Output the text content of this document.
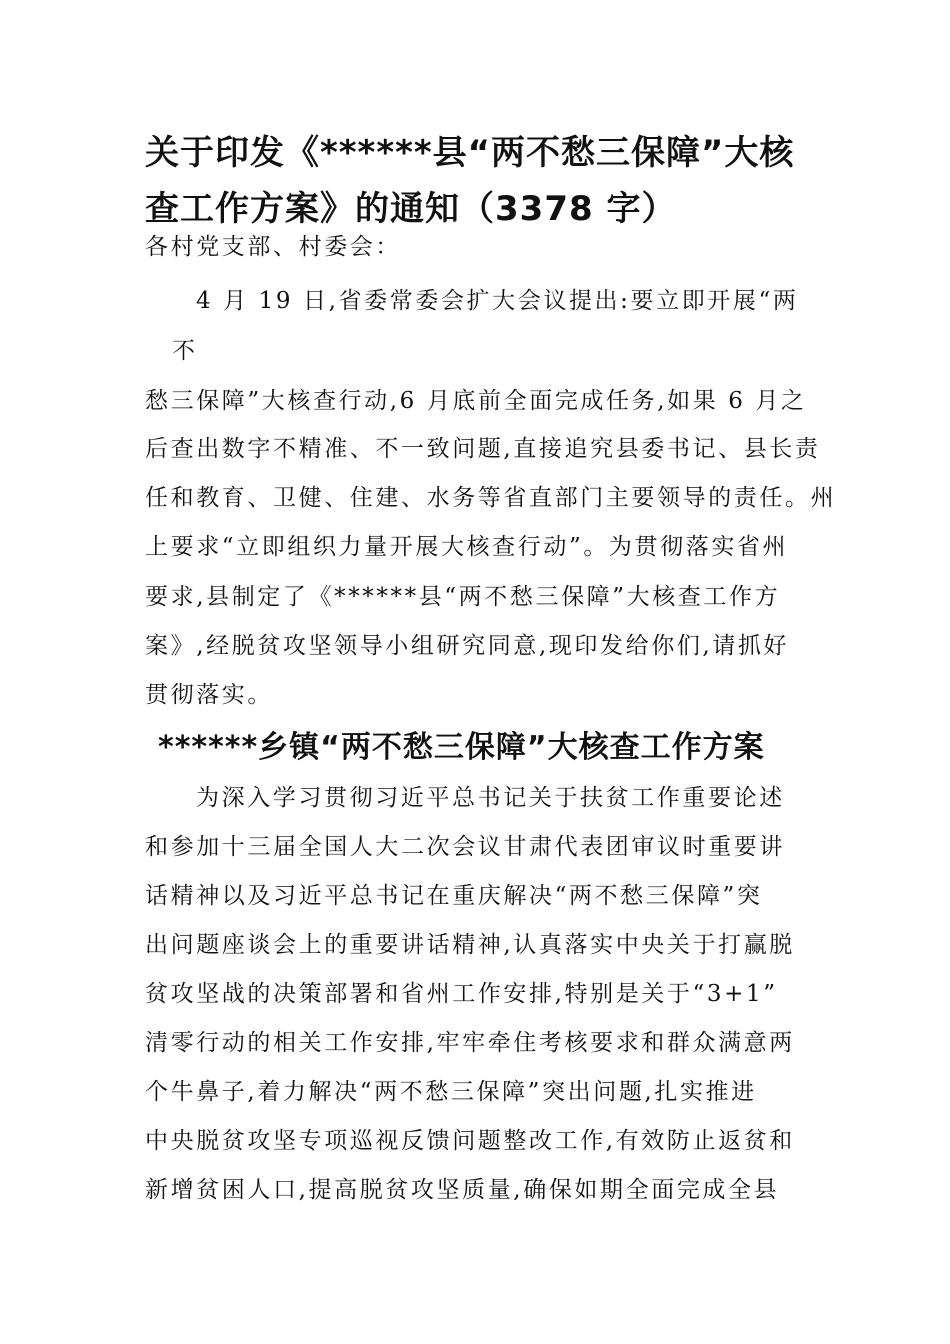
关于印发《******县“两不愁三保障”大核
查工作方案》的通知（3378 字）

各村党支部、村委会：

4 月 19 日,省委常委会扩大会议提出:要立即开展“两

不

愁三保障”大核查行动,6 月底前全面完成任务,如果 6 月之

后查出数字不精准、不一致问题,直接追究县委书记、县长责

任和教育、卫健、住建、水务等省直部门主要领导的责任。州

上要求“立即组织力量开展大核查行动”。为贯彻落实省州

要求,县制定了《******县“两不愁三保障”大核查工作方

案》,经脱贫攻坚领导小组研究同意,现印发给你们,请抓好

贯彻落实。

******乡镇“两不愁三保障”大核查工作方案

为深入学习贯彻习近平总书记关于扶贫工作重要论述

和参加十三届全国人大二次会议甘肃代表团审议时重要讲

话精神以及习近平总书记在重庆解决“两不愁三保障”突

出问题座谈会上的重要讲话精神,认真落实中央关于打赢脱

贫攻坚战的决策部署和省州工作安排,特别是关于“3+1”

清零行动的相关工作安排,牢牢牵住考核要求和群众满意两

个牛鼻子,着力解决“两不愁三保障”突出问题,扎实推进

中央脱贫攻坚专项巡视反馈问题整改工作,有效防止返贫和

新增贫困人口,提高脱贫攻坚质量,确保如期全面完成全县
